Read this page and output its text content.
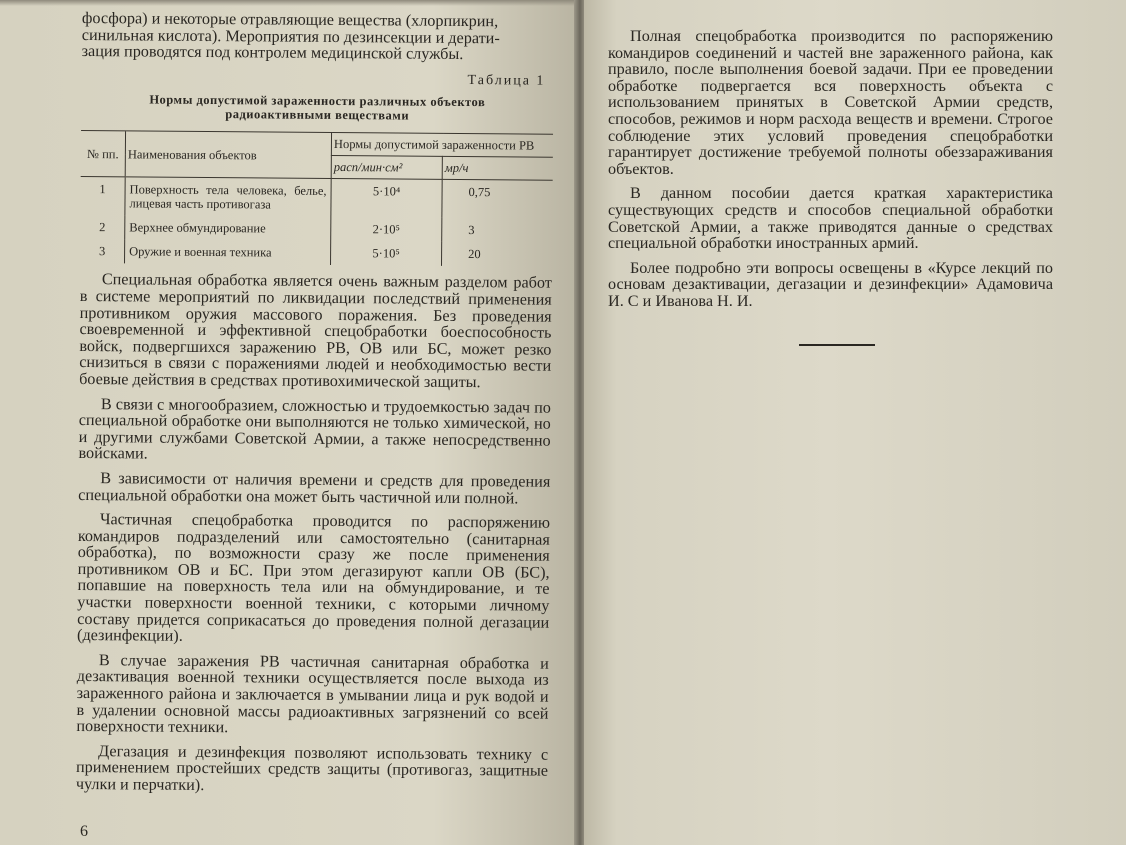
фосфора) и некоторые отравляющие вещества (хлорпикрин,

синильная кислота). Мероприятия по дезинсекции и дерати-

зация проводятся под контролем медицинской службы.

Таблица 1
Нормы допустимой зараженности различных объектов
радиоактивными веществами
№ пп.	Наименования объектов	Нормы допустимой зараженности РВ	
		расп/мин·см²	мр/ч
1	Поверхность тела человека, белье, лицевая часть противогаза	5·10⁴	0,75
2	Верхнее обмундирование	2·10⁵	3
3	Оружие и военная техника	5·10⁵	20

Специальная обработка является очень важным разделом работ в системе мероприятий по ликвидации последствий применения противником оружия массового поражения. Без проведения своевременной и эффективной спецобработки боеспособность войск, подвергшихся заражению РВ, ОВ или БС, может резко снизиться в связи с поражениями людей и необходимостью вести боевые действия в средствах противохимической защиты.

В связи с многообразием, сложностью и трудоемкостью задач по специальной обработке они выполняются не только химической, но и другими службами Советской Армии, а также непосредственно войсками.

В зависимости от наличия времени и средств для проведения специальной обработки она может быть частичной или полной.

Частичная спецобработка проводится по распоряжению командиров подразделений или самостоятельно (санитарная обработка), по возможности сразу же после применения противником ОВ и БС. При этом дегазируют капли ОВ (БС), попавшие на поверхность тела или на обмундирование, и те участки поверхности военной техники, с которыми личному составу придется соприкасаться до проведения полной дегазации (дезинфекции).

В случае заражения РВ частичная санитарная обработка и дезактивация военной техники осуществляется после выхода из зараженного района и заключается в умывании лица и рук водой и в удалении основной массы радиоактивных загрязнений со всей поверхности техники.

Дегазация и дезинфекция позволяют использовать технику с применением простейших средств защиты (противогаз, защитные чулки и перчатки).

6

Полная спецобработка производится по распоряжению командиров соединений и частей вне зараженного района, как правило, после выполнения боевой задачи. При ее проведении обработке подвергается вся поверхность объекта с использованием принятых в Советской Армии средств, способов, режимов и норм расхода веществ и времени. Строгое соблюдение этих условий проведения спецобработки гарантирует достижение требуемой полноты обеззараживания объектов.

В данном пособии дается краткая характеристика существующих средств и способов специальной обработки Советской Армии, а также приводятся данные о средствах специальной обработки иностранных армий.

Более подробно эти вопросы освещены в «Курсе лекций по основам дезактивации, дегазации и дезинфекции» Адамовича И. С и Иванова Н. И.
